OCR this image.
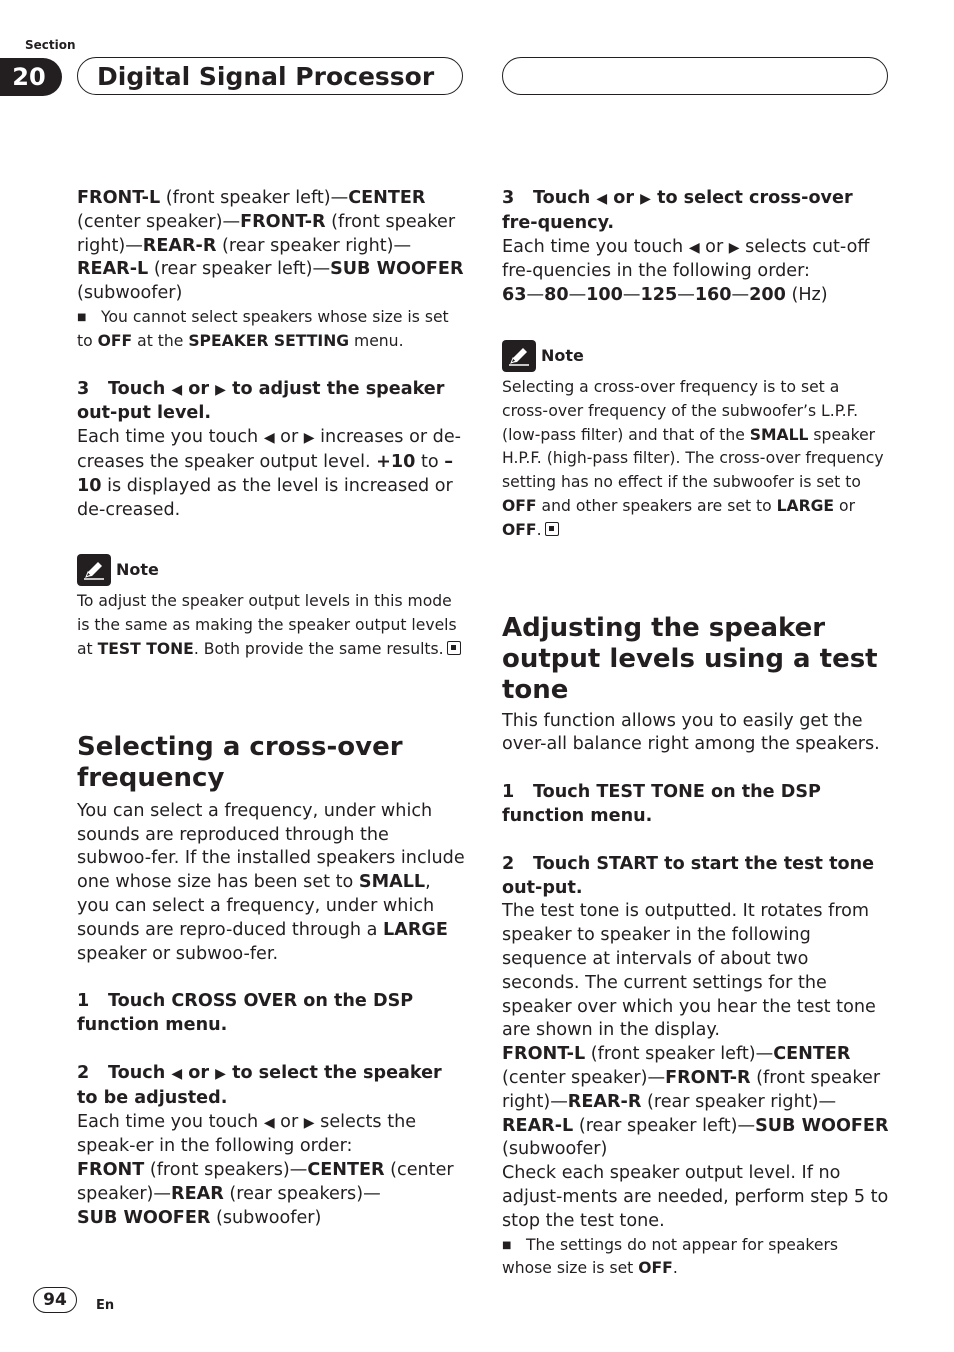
Section
20	Digital Signal Processor

FRONT-L (front speaker left)—CENTER (center speaker)—FRONT-R (front speaker right)—REAR-R (rear speaker right)—REAR-L (rear speaker left)—SUB WOOFER (subwoofer)

■ You cannot select speakers whose size is set to OFF at the SPEAKER SETTING menu.

3 Touch ◀ or ▶ to adjust the speaker out-put level.

Each time you touch ◀ or ▶ increases or de-creases the speaker output level. +10 to –10 is displayed as the level is increased or de-creased.

Note

To adjust the speaker output levels in this mode is the same as making the speaker output levels at TEST TONE. Both provide the same results.

Selecting a cross-over frequency

You can select a frequency, under which sounds are reproduced through the subwoo-fer. If the installed speakers include one whose size has been set to SMALL, you can select a frequency, under which sounds are repro-duced through a LARGE speaker or subwoo-fer.

1 Touch CROSS OVER on the DSP function menu.

2 Touch ◀ or ▶ to select the speaker to be adjusted.

Each time you touch ◀ or ▶ selects the speak-er in the following order:
FRONT (front speakers)—CENTER (center speaker)—REAR (rear speakers)—
SUB WOOFER (subwoofer)

3 Touch ◀ or ▶ to select cross-over fre-quency.

Each time you touch ◀ or ▶ selects cut-off fre-quencies in the following order:
63—80—100—125—160—200 (Hz)

Note

Selecting a cross-over frequency is to set a cross-over frequency of the subwoofer’s L.P.F. (low-pass filter) and that of the SMALL speaker H.P.F. (high-pass filter). The cross-over frequency setting has no effect if the subwoofer is set to OFF and other speakers are set to LARGE or OFF.

Adjusting the speaker output levels using a test tone

This function allows you to easily get the over-all balance right among the speakers.

1 Touch TEST TONE on the DSP function menu.

2 Touch START to start the test tone out-put.

The test tone is outputted. It rotates from speaker to speaker in the following sequence at intervals of about two seconds. The current settings for the speaker over which you hear the test tone are shown in the display.
FRONT-L (front speaker left)—CENTER (center speaker)—FRONT-R (front speaker right)—REAR-R (rear speaker right)—REAR-L (rear speaker left)—SUB WOOFER (subwoofer)
Check each speaker output level. If no adjust-ments are needed, perform step 5 to stop the test tone.

■ The settings do not appear for speakers whose size is set OFF.

94	En
